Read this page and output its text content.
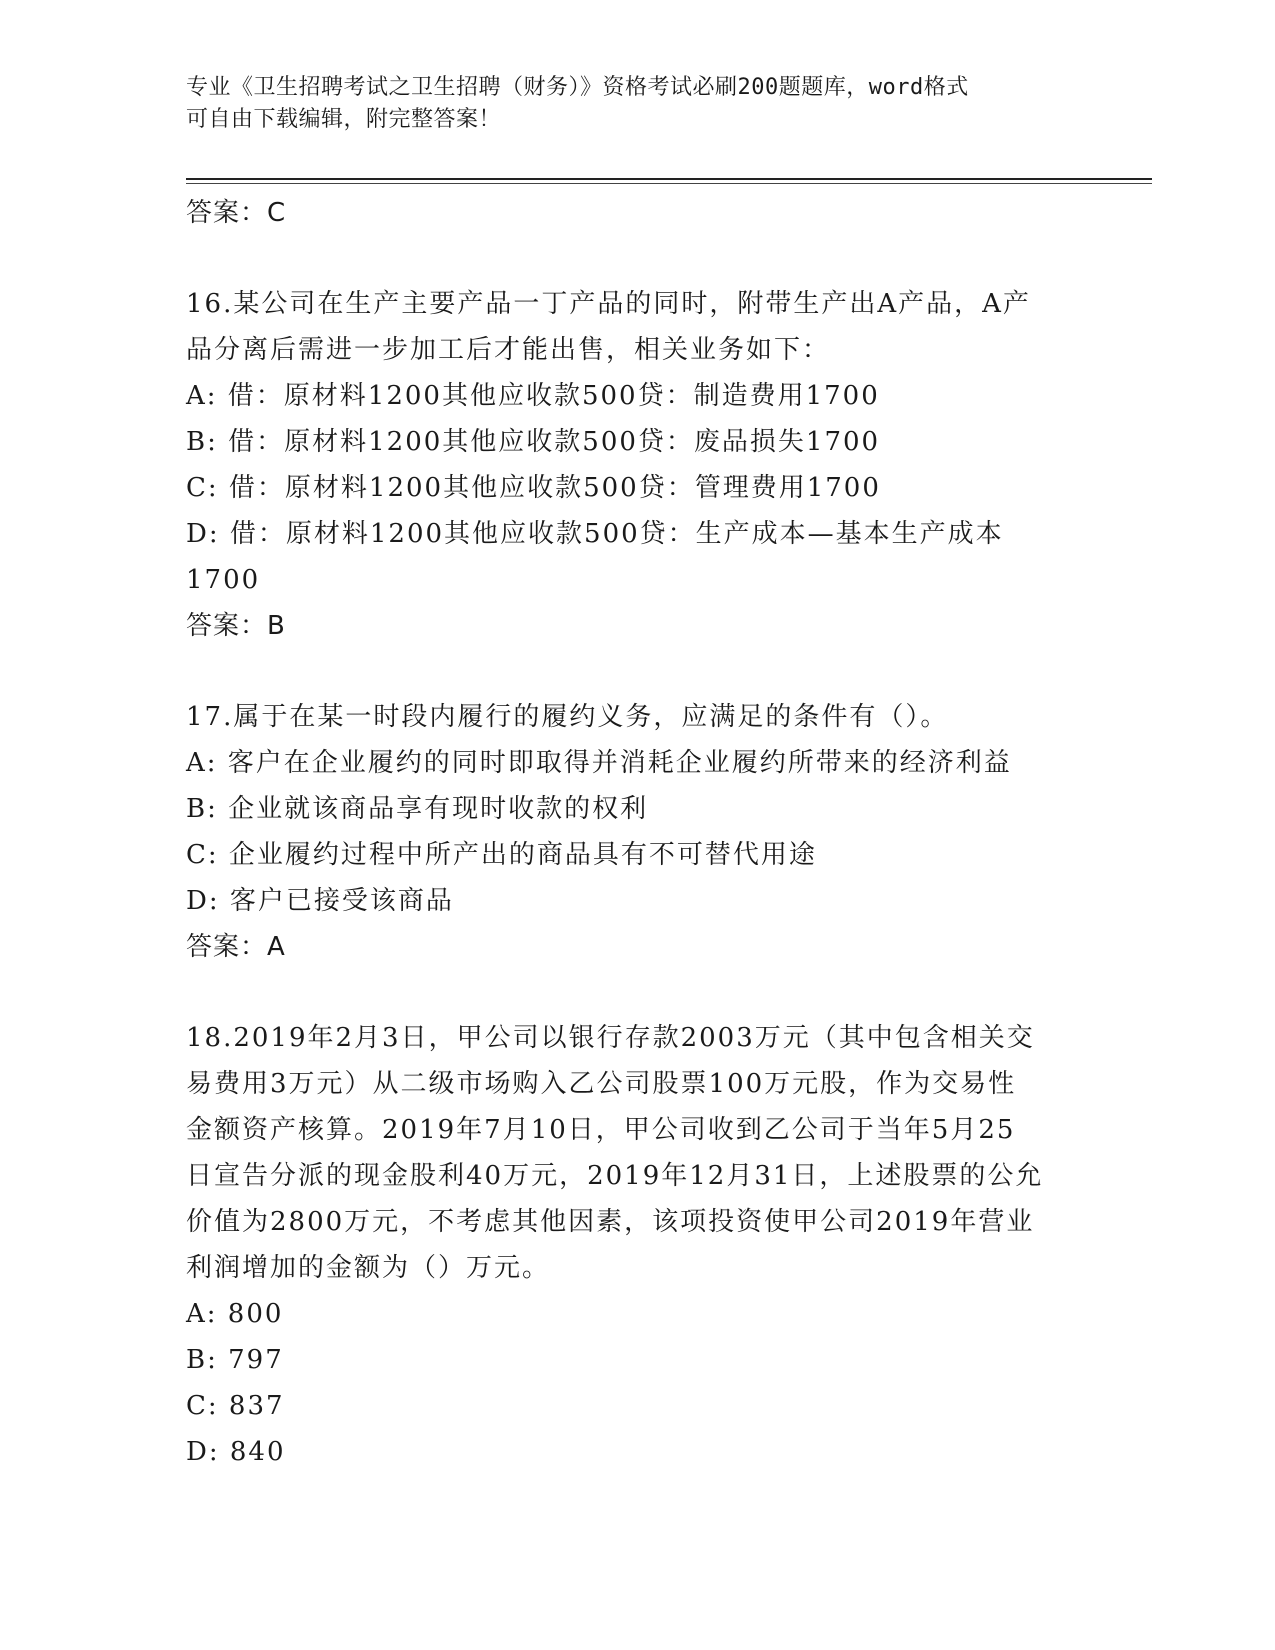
专业《卫生招聘考试之卫生招聘（财务）》资格考试必刷200题题库，word格式
可自由下载编辑，附完整答案！
答案：C
16.某公司在生产主要产品一丁产品的同时，附带生产出A产品，A产
品分离后需进一步加工后才能出售，相关业务如下：
A: 借：原材料1200其他应收款500贷：制造费用1700
B: 借：原材料1200其他应收款500贷：废品损失1700
C: 借：原材料1200其他应收款500贷：管理费用1700
D: 借：原材料1200其他应收款500贷：生产成本—基本生产成本
1700
答案：B
17.属于在某一时段内履行的履约义务，应满足的条件有（）。
A: 客户在企业履约的同时即取得并消耗企业履约所带来的经济利益
B: 企业就该商品享有现时收款的权利
C: 企业履约过程中所产出的商品具有不可替代用途
D: 客户已接受该商品
答案：A
18.2019年2月3日，甲公司以银行存款2003万元（其中包含相关交
易费用3万元）从二级市场购入乙公司股票100万元股，作为交易性
金额资产核算。2019年7月10日，甲公司收到乙公司于当年5月25
日宣告分派的现金股利40万元，2019年12月31日，上述股票的公允
价值为2800万元，不考虑其他因素，该项投资使甲公司2019年营业
利润增加的金额为（）万元。
A: 800
B: 797
C: 837
D: 840
